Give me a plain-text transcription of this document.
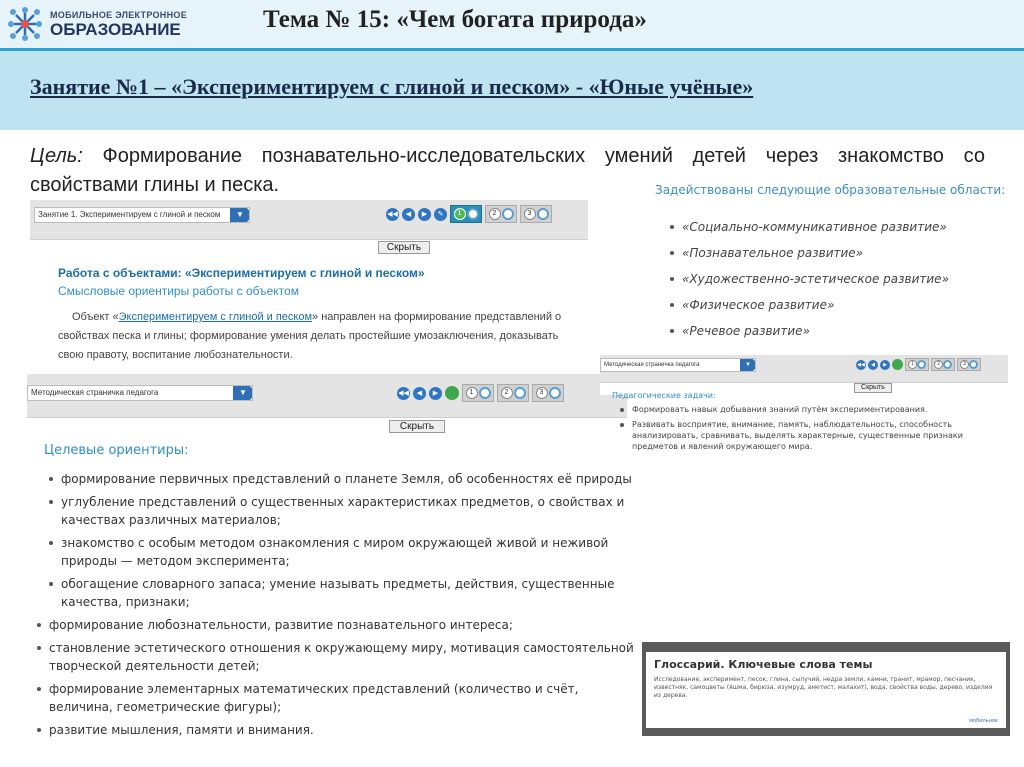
МОБИЛЬНОЕ ЭЛЕКТРОННОЕ
ОБРАЗОВАНИЕ	Тема № 15: «Чем богата природа»
Занятие №1 – «Экспериментируем с глиной и песком» - «Юные учёные»
Цель: Формирование познавательно-исследовательских умений детей через знакомство со свойствами глины и песка.
Занятие 1. Экспериментируем с глиной и песком	▼	◀◀	◀	▶	✎	1	2	3
Скрыть
Работа с объектами: «Экспериментируем с глиной и песком»
Смысловые ориентиры работы с объектом
Объект «Экспериментируем с глиной и песком» направлен на формирование представлений о свойствах песка и глины; формирование умения делать простейшие умозаключения, доказывать свою правоту, воспитание любознательности.
Методическая страничка педагога	▼	◀◀	◀	▶	1	2	3
Скрыть
Целевые ориентиры:
формирование первичных представлений о планете Земля, об особенностях её природы
углубление представлений о существенных характеристиках предметов, о свойствах и качествах различных материалов;
знакомство с особым методом ознакомления с миром окружающей живой и неживой природы — методом эксперимента;
обогащение словарного запаса; умение называть предметы, действия, существенные качества, признаки;
формирование любознательности, развитие познавательного интереса;
становление эстетического отношения к окружающему миру, мотивация самостоятельной творческой деятельности детей;
формирование элементарных математических представлений (количество и счёт, величина, геометрические фигуры);
развитие мышления, памяти и внимания.
Задействованы следующие образовательные области:
«Социально-коммуникативное развитие»
«Познавательное развитие»
«Художественно-эстетическое развитие»
«Физическое развитие»
«Речевое развитие»
Методическая страничка педагога	▼	◀◀	◀	▶	1	2	3
Скрыть
Педагогические задачи:
Формировать навык добывания знаний путём экспериментирования.
Развивать восприятие, внимание, память, наблюдательность, способность анализировать, сравнивать, выделять характерные, существенные признаки предметов и явлений окружающего мира.
Глоссарий. Ключевые слова темы
Исследование, эксперимент, песок, глина, сыпучий, недра земли, камни, гранит, мрамор, песчаник, известняк, самоцветы (яшма, бирюза, изумруд, аметист, малахит), вода, свойства воды, дерево, изделия из дерева.
мобильное
